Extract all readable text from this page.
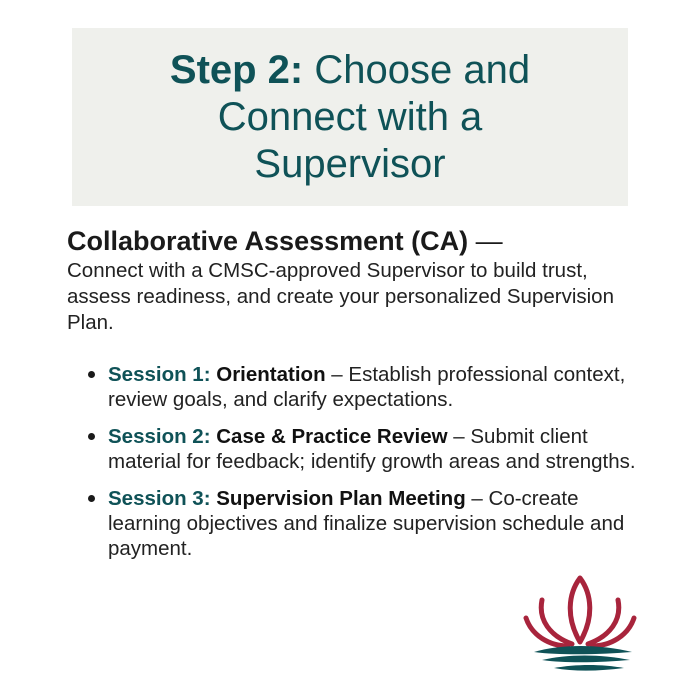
Step 2: Choose and Connect with a Supervisor
Collaborative Assessment (CA) —
Connect with a CMSC-approved Supervisor to build trust, assess readiness, and create your personalized Supervision Plan.
Session 1: Orientation – Establish professional context, review goals, and clarify expectations.
Session 2: Case & Practice Review – Submit client material for feedback; identify growth areas and strengths.
Session 3: Supervision Plan Meeting – Co-create learning objectives and finalize supervision schedule and payment.
